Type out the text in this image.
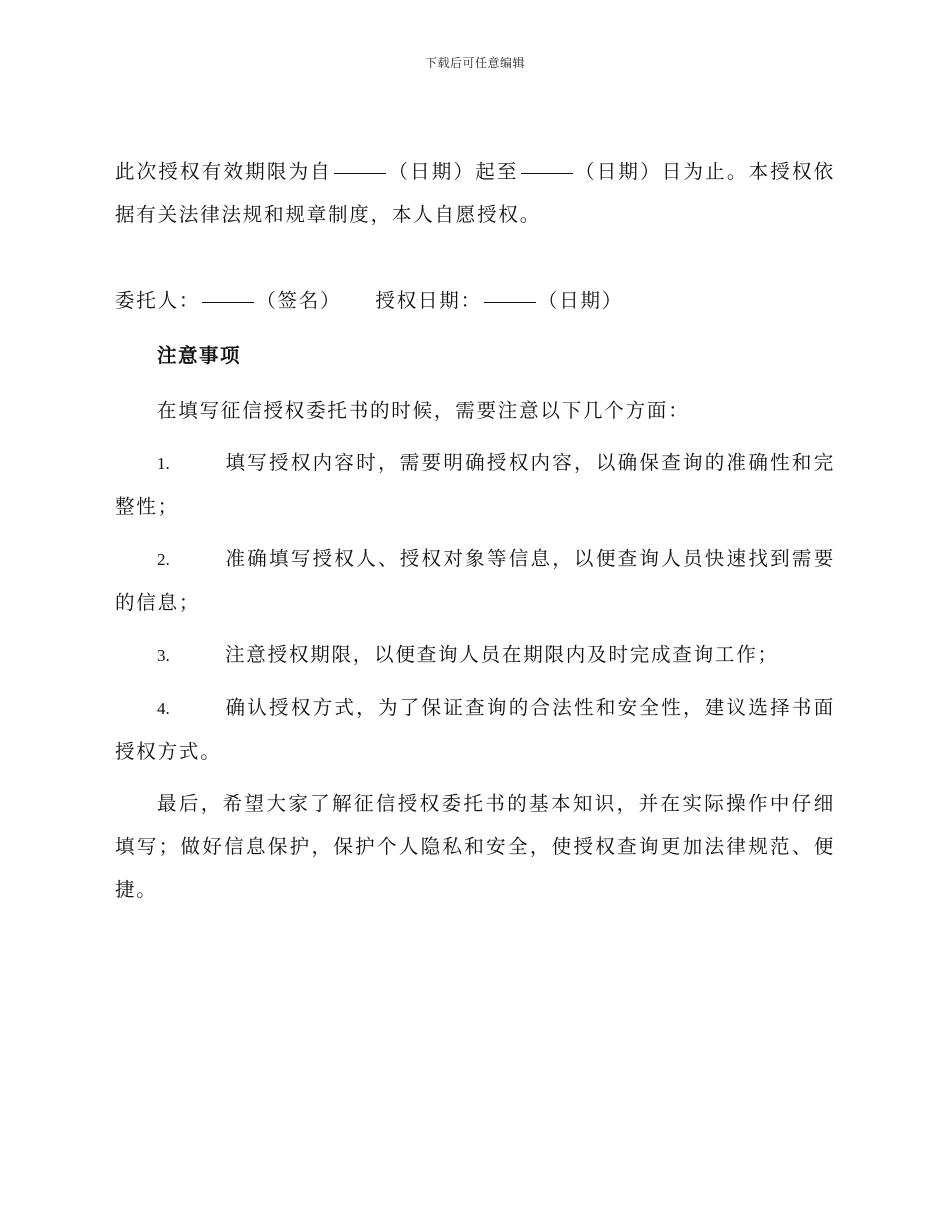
下载后可任意编辑

此次授权有效期限为自	（日期）起至	（日期）日为止。本授权依据有关法律法规和规章制度，本人自愿授权。

委托人：	（签名） 授权日期：	（日期）

注意事项

在填写征信授权委托书的时候，需要注意以下几个方面：

1.	填写授权内容时，需要明确授权内容，以确保查询的准确性和完整性；

2.	准确填写授权人、授权对象等信息，以便查询人员快速找到需要的信息；

3.	注意授权期限，以便查询人员在期限内及时完成查询工作；

4.	确认授权方式，为了保证查询的合法性和安全性，建议选择书面授权方式。

最后，希望大家了解征信授权委托书的基本知识，并在实际操作中仔细填写；做好信息保护，保护个人隐私和安全，使授权查询更加法律规范、便捷。
